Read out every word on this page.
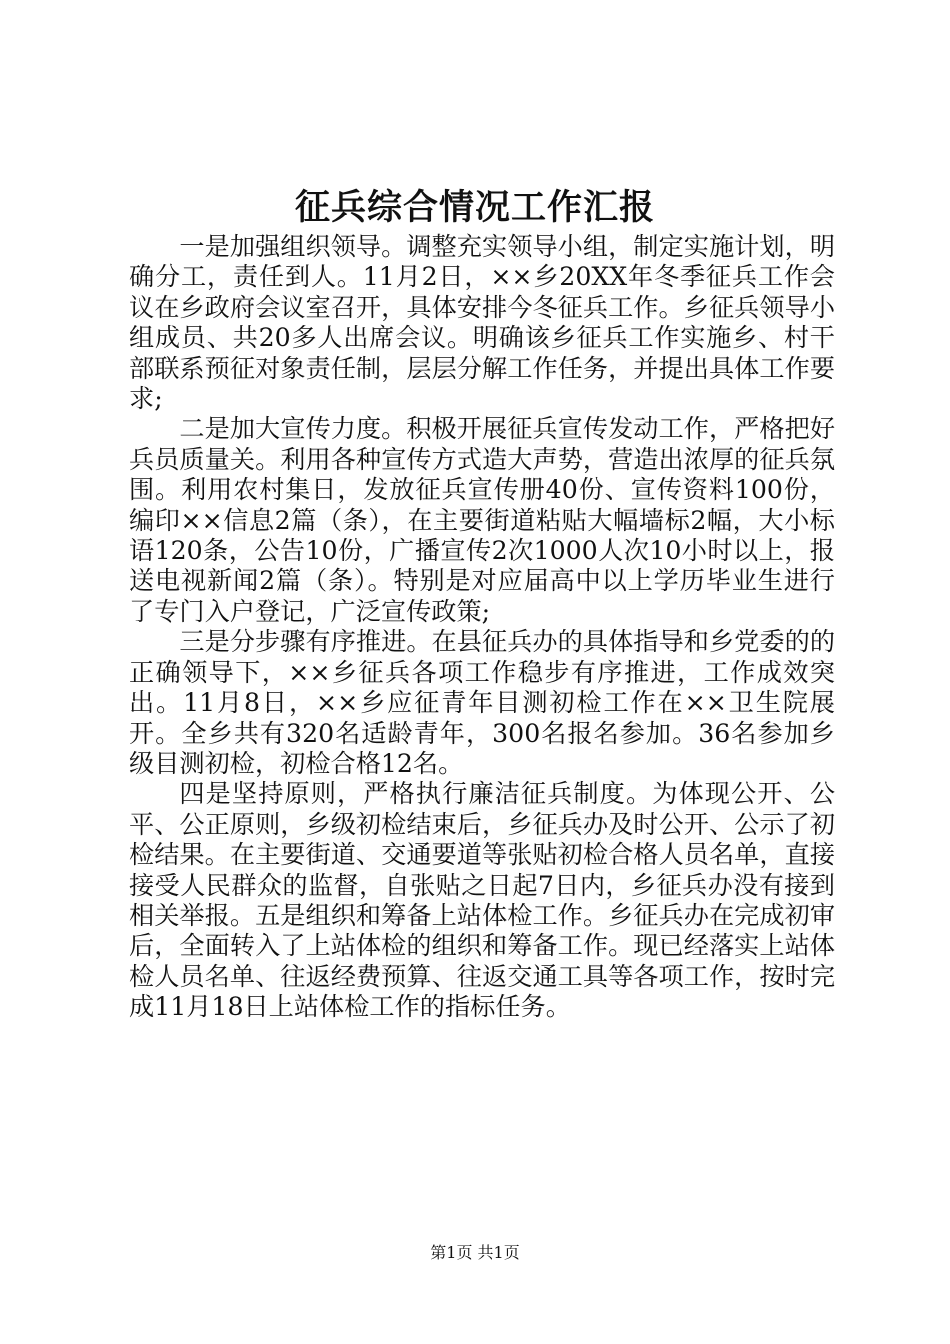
征兵综合情况工作汇报

一是加强组织领导。调整充实领导小组，制定实施计划，明确分工，责任到人。11月2日，××乡20XX年冬季征兵工作会议在乡政府会议室召开，具体安排今冬征兵工作。乡征兵领导小组成员、共20多人出席会议。明确该乡征兵工作实施乡、村干部联系预征对象责任制，层层分解工作任务，并提出具体工作要求;

二是加大宣传力度。积极开展征兵宣传发动工作，严格把好兵员质量关。利用各种宣传方式造大声势，营造出浓厚的征兵氛围。利用农村集日，发放征兵宣传册40份、宣传资料100份，编印××信息2篇（条），在主要街道粘贴大幅墙标2幅，大小标语120条，公告10份，广播宣传2次1000人次10小时以上，报送电视新闻2篇（条）。特别是对应届高中以上学历毕业生进行了专门入户登记，广泛宣传政策;

三是分步骤有序推进。在县征兵办的具体指导和乡党委的的正确领导下，××乡征兵各项工作稳步有序推进，工作成效突出。11月8日，××乡应征青年目测初检工作在××卫生院展开。全乡共有320名适龄青年，300名报名参加。36名参加乡级目测初检，初检合格12名。

四是坚持原则，严格执行廉洁征兵制度。为体现公开、公平、公正原则，乡级初检结束后，乡征兵办及时公开、公示了初检结果。在主要街道、交通要道等张贴初检合格人员名单，直接接受人民群众的监督，自张贴之日起7日内，乡征兵办没有接到相关举报。五是组织和筹备上站体检工作。乡征兵办在完成初审后，全面转入了上站体检的组织和筹备工作。现已经落实上站体检人员名单、往返经费预算、往返交通工具等各项工作，按时完成11月18日上站体检工作的指标任务。

第1页 共1页
